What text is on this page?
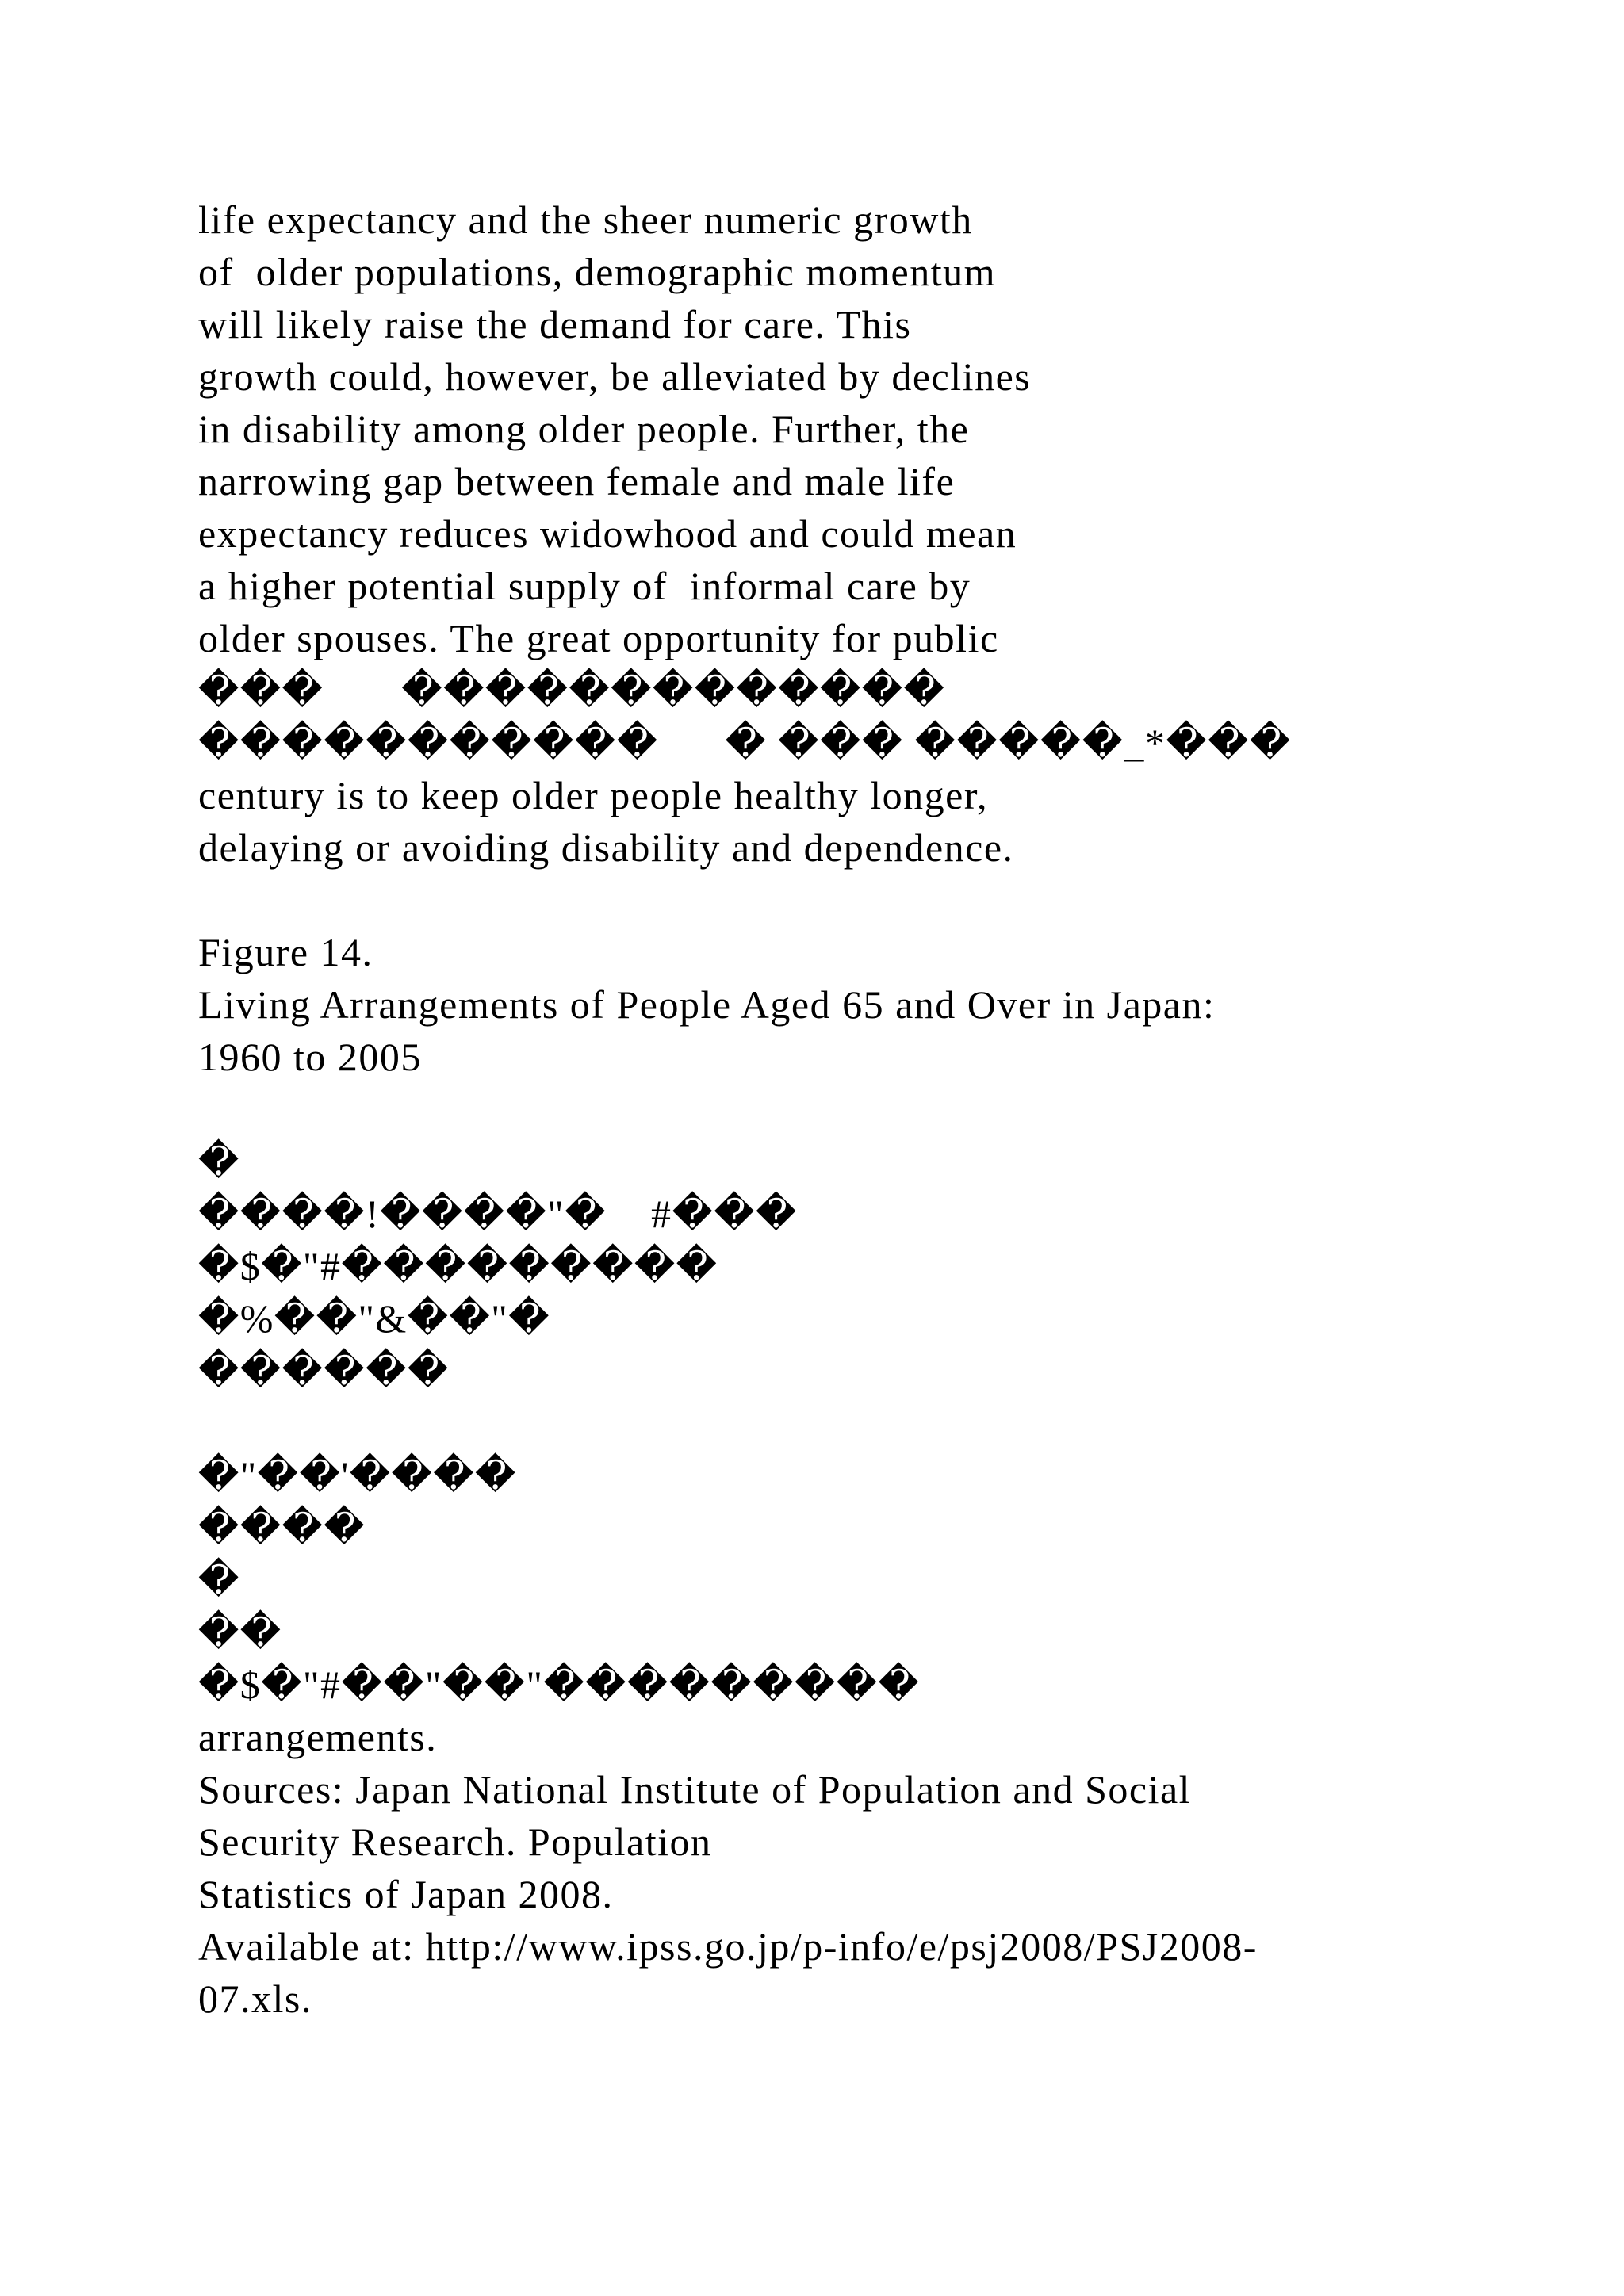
life expectancy and the sheer numeric growth
of  older populations, demographic momentum
will likely raise the demand for care. This
growth could, however, be alleviated by declines
in disability among older people. Further, the
narrowing gap between female and male life
expectancy reduces widowhood and could mean
a higher potential supply of  informal care by
older spouses. The great opportunity for public
���       �������������
�����������      � ��� �����_*���
century is to keep older people healthy longer,
delaying or avoiding disability and dependence.
Figure 14.
Living Arrangements of People Aged 65 and Over in Japan:
1960 to 2005
�
����!����"�    #���
�$�"#���������
�%��"&��"�
������
�"��'����
����
�
��
�$�"#��"��"���������
arrangements.
Sources: Japan National Institute of Population and Social
Security Research. Population
Statistics of Japan 2008.
Available at: http://www.ipss.go.jp/p-info/e/psj2008/PSJ2008-
07.xls.
